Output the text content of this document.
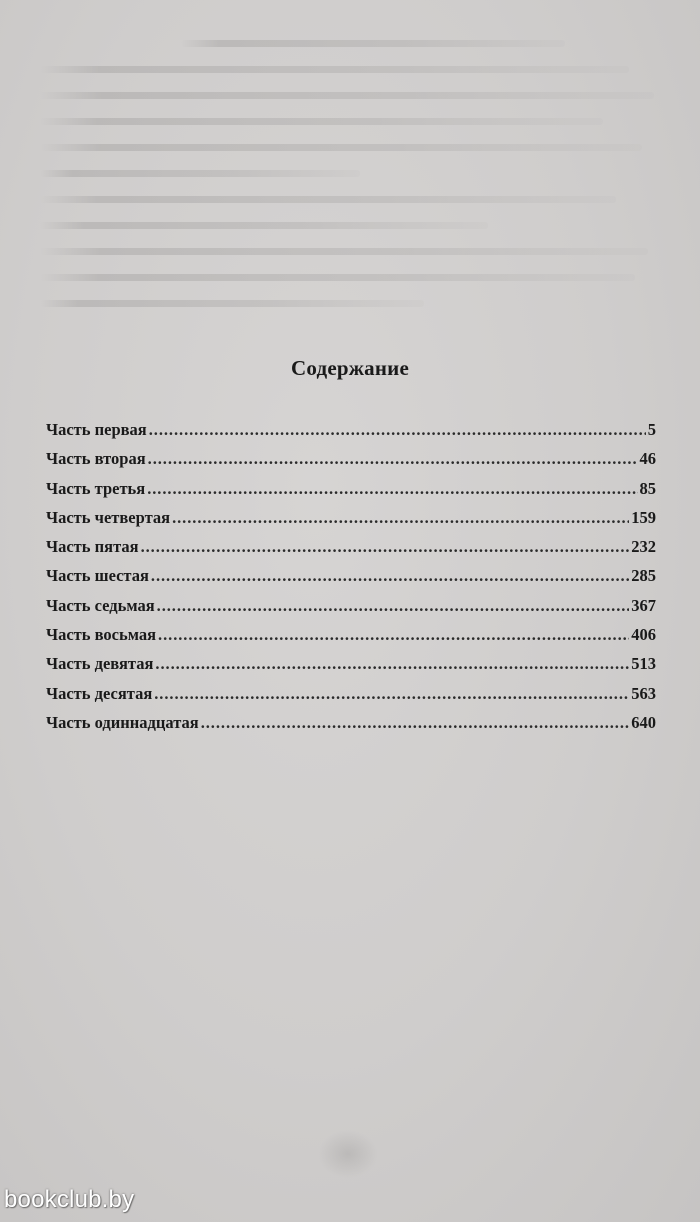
Содержание
Часть первая . . .	5
Часть вторая . . .	46
Часть третья . . .	85
Часть четвертая . . .	159
Часть пятая . . .	232
Часть шестая . . .	285
Часть седьмая . . .	367
Часть восьмая . . .	406
Часть девятая . . .	513
Часть десятая . . .	563
Часть одиннадцатая . . .	640
bookclub.by
